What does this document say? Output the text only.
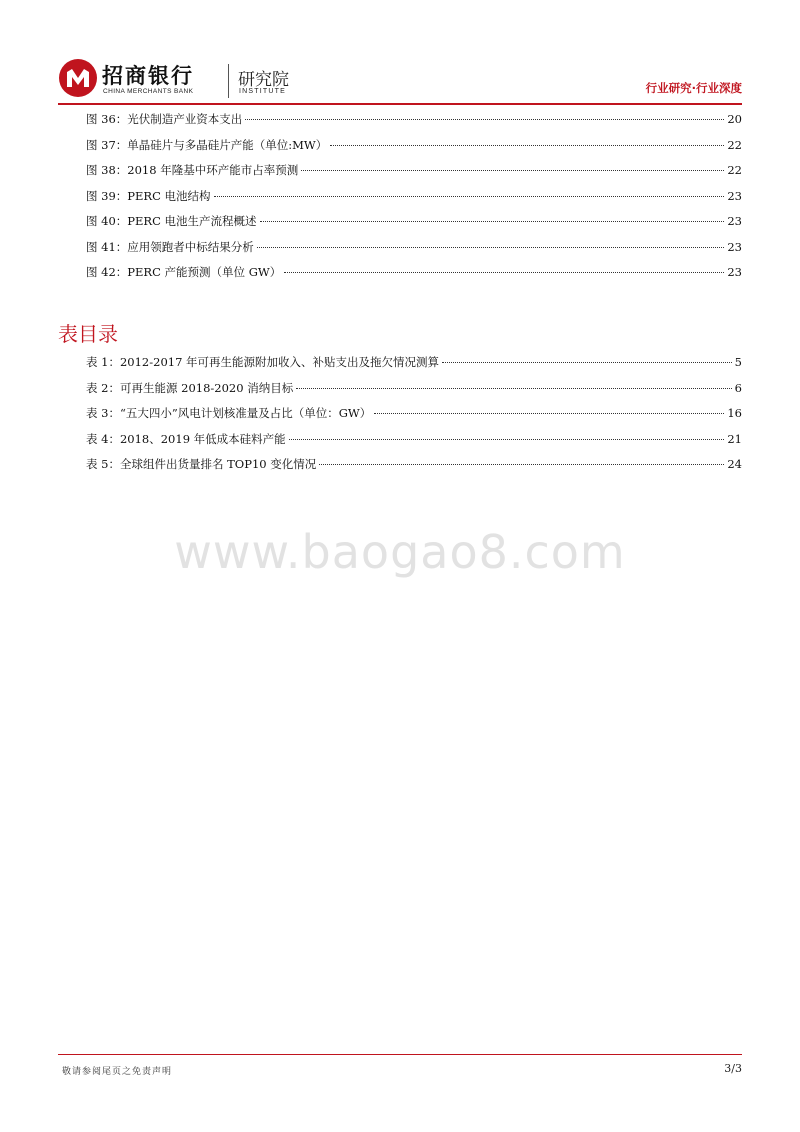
招商银行
CHINA MERCHANTS BANK
研究院
INSTITUTE	行业研究·行业深度
图 36：光伏制造产业资本支出	20
图 37：单晶硅片与多晶硅片产能（单位:MW）	22
图 38：2018 年隆基中环产能市占率预测	22
图 39：PERC 电池结构	23
图 40：PERC 电池生产流程概述	23
图 41：应用领跑者中标结果分析	23
图 42：PERC 产能预测（单位 GW）	23
表目录
表 1：2012-2017 年可再生能源附加收入、补贴支出及拖欠情况测算	5
表 2：可再生能源 2018-2020 消纳目标	6
表 3：“五大四小”风电计划核准量及占比（单位：GW）	16
表 4：2018、2019 年低成本硅料产能	21
表 5：全球组件出货量排名 TOP10 变化情况	24
www.baogao8.com
敬请参阅尾页之免责声明	3/3
